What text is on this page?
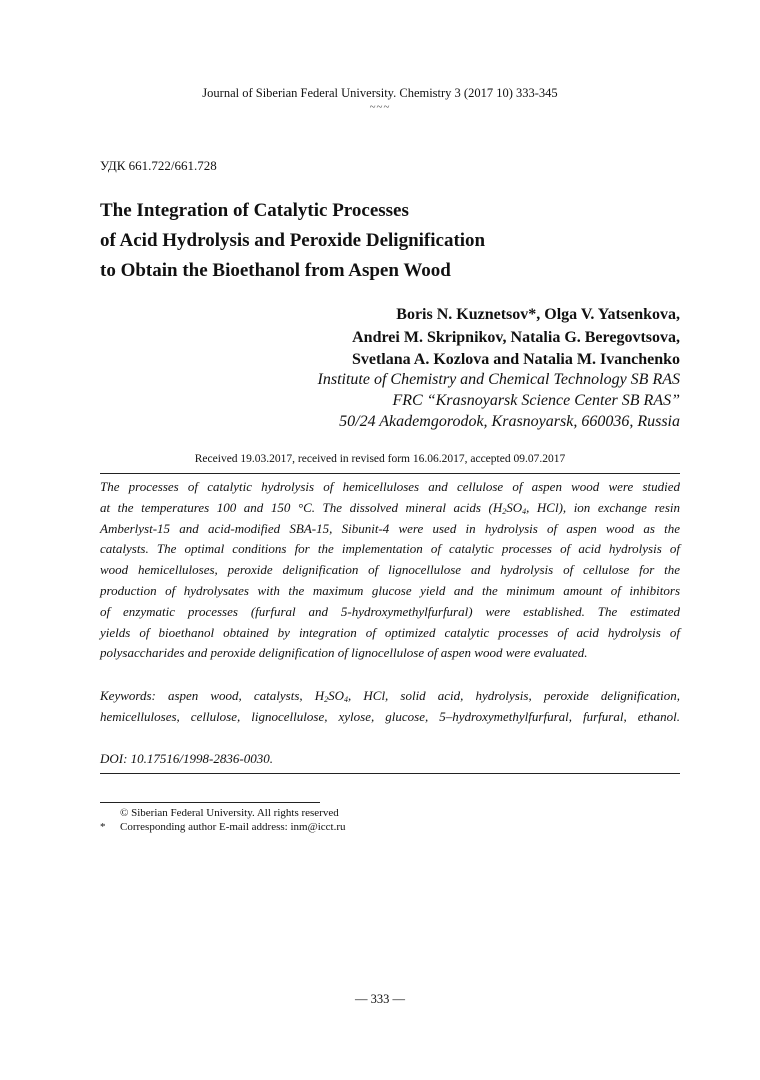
Journal of Siberian Federal University. Chemistry 3 (2017 10) 333-345
~~~
УДК 661.722/661.728
The Integration of Catalytic Processes
of Acid Hydrolysis and Peroxide Delignification
to Obtain the Bioethanol from Aspen Wood
Boris N. Kuznetsov*, Olga V. Yatsenkova,
Andrei M. Skripnikov, Natalia G. Beregovtsova,
Svetlana A. Kozlova and Natalia M. Ivanchenko
Institute of Chemistry and Chemical Technology SB RAS
FRC “Krasnoyarsk Science Center SB RAS”
50/24 Akademgorodok, Krasnoyarsk, 660036, Russia
Received 19.03.2017, received in revised form 16.06.2017, accepted 09.07.2017
The processes of catalytic hydrolysis of hemicelluloses and cellulose of aspen wood were studied
at the temperatures 100 and 150 °C. The dissolved mineral acids ($H_2SO_4$, HCl), ion exchange resin
Amberlyst-15 and acid-modified SBA-15, Sibunit-4 were used in hydrolysis of aspen wood as the
catalysts. The optimal conditions for the implementation of catalytic processes of acid hydrolysis of
wood hemicelluloses, peroxide delignification of lignocellulose and hydrolysis of cellulose for the
production of hydrolysates with the maximum glucose yield and the minimum amount of inhibitors
of enzymatic processes (furfural and 5-hydroxymethylfurfural) were established. The estimated
yields of bioethanol obtained by integration of optimized catalytic processes of acid hydrolysis of
polysaccharides and peroxide delignification of lignocellulose of aspen wood were evaluated.
Keywords: aspen wood, catalysts, $H_2SO_4$, HCl, solid acid, hydrolysis, peroxide delignification,
hemicelluloses, cellulose, lignocellulose, xylose, glucose, 5–hydroxymethylfurfural, furfural, ethanol.
DOI: 10.17516/1998-2836-0030.
© Siberian Federal University. All rights reserved
* Corresponding author E-mail address: inm@icct.ru
— 333 —
